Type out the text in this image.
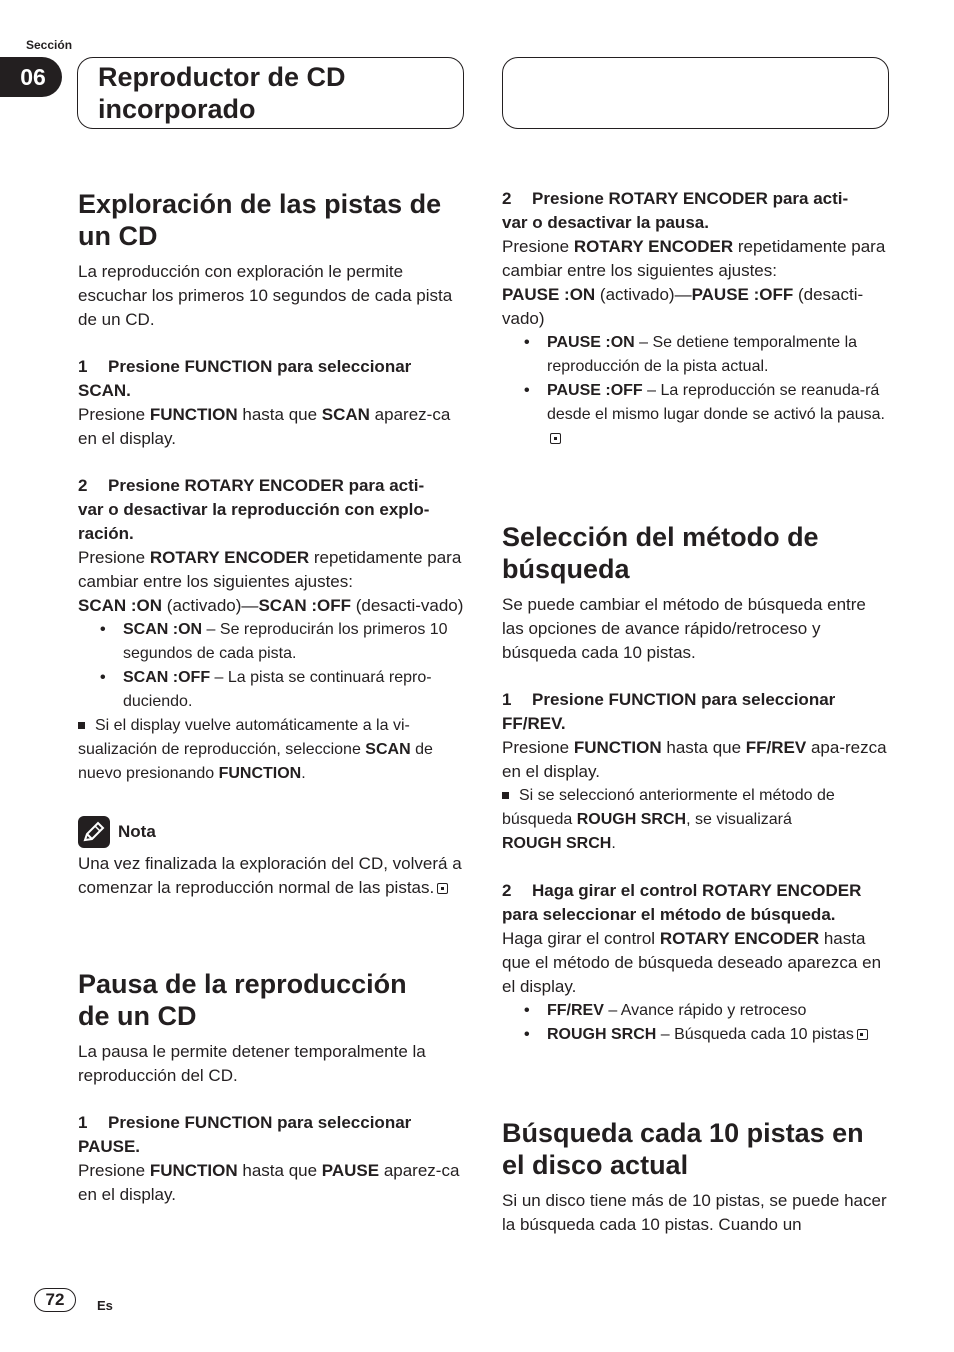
Sección
06	Reproductor de CD
incorporado
Exploración de las pistas de
un CD

La reproducción con exploración le permite escuchar los primeros 10 segundos de cada pista de un CD.

1 Presione FUNCTION para seleccionar
SCAN.

Presione FUNCTION hasta que SCAN aparez-ca en el display.

2 Presione ROTARY ENCODER para acti-
var o desactivar la reproducción con explo-
ración.

Presione ROTARY ENCODER repetidamente para cambiar entre los siguientes ajustes:
SCAN :ON (activado)—SCAN :OFF (desacti-vado)

• SCAN :ON – Se reproducirán los primeros 10 segundos de cada pista.
• SCAN :OFF – La pista se continuará repro-duciendo.

Si el display vuelve automáticamente a la vi-sualización de reproducción, seleccione SCAN de nuevo presionando FUNCTION.

Nota

Una vez finalizada la exploración del CD, volverá a comenzar la reproducción normal de las pistas.

Pausa de la reproducción
de un CD

La pausa le permite detener temporalmente la reproducción del CD.

1 Presione FUNCTION para seleccionar
PAUSE.

Presione FUNCTION hasta que PAUSE aparez-ca en el display.

2 Presione ROTARY ENCODER para acti-
var o desactivar la pausa.

Presione ROTARY ENCODER repetidamente para cambiar entre los siguientes ajustes:
PAUSE :ON (activado)—PAUSE :OFF (desacti-vado)

• PAUSE :ON – Se detiene temporalmente la reproducción de la pista actual.
• PAUSE :OFF – La reproducción se reanuda-rá desde el mismo lugar donde se activó la pausa.
Selección del método de
búsqueda

Se puede cambiar el método de búsqueda entre las opciones de avance rápido/retroceso y búsqueda cada 10 pistas.

1 Presione FUNCTION para seleccionar
FF/REV.

Presione FUNCTION hasta que FF/REV apa-rezca en el display.

Si se seleccionó anteriormente el método de búsqueda ROUGH SRCH, se visualizará
ROUGH SRCH.

2 Haga girar el control ROTARY ENCODER
para seleccionar el método de búsqueda.

Haga girar el control ROTARY ENCODER hasta que el método de búsqueda deseado aparezca en el display.

• FF/REV – Avance rápido y retroceso
• ROUGH SRCH – Búsqueda cada 10 pistas
Búsqueda cada 10 pistas en
el disco actual

Si un disco tiene más de 10 pistas, se puede hacer la búsqueda cada 10 pistas. Cuando un

72	Es
